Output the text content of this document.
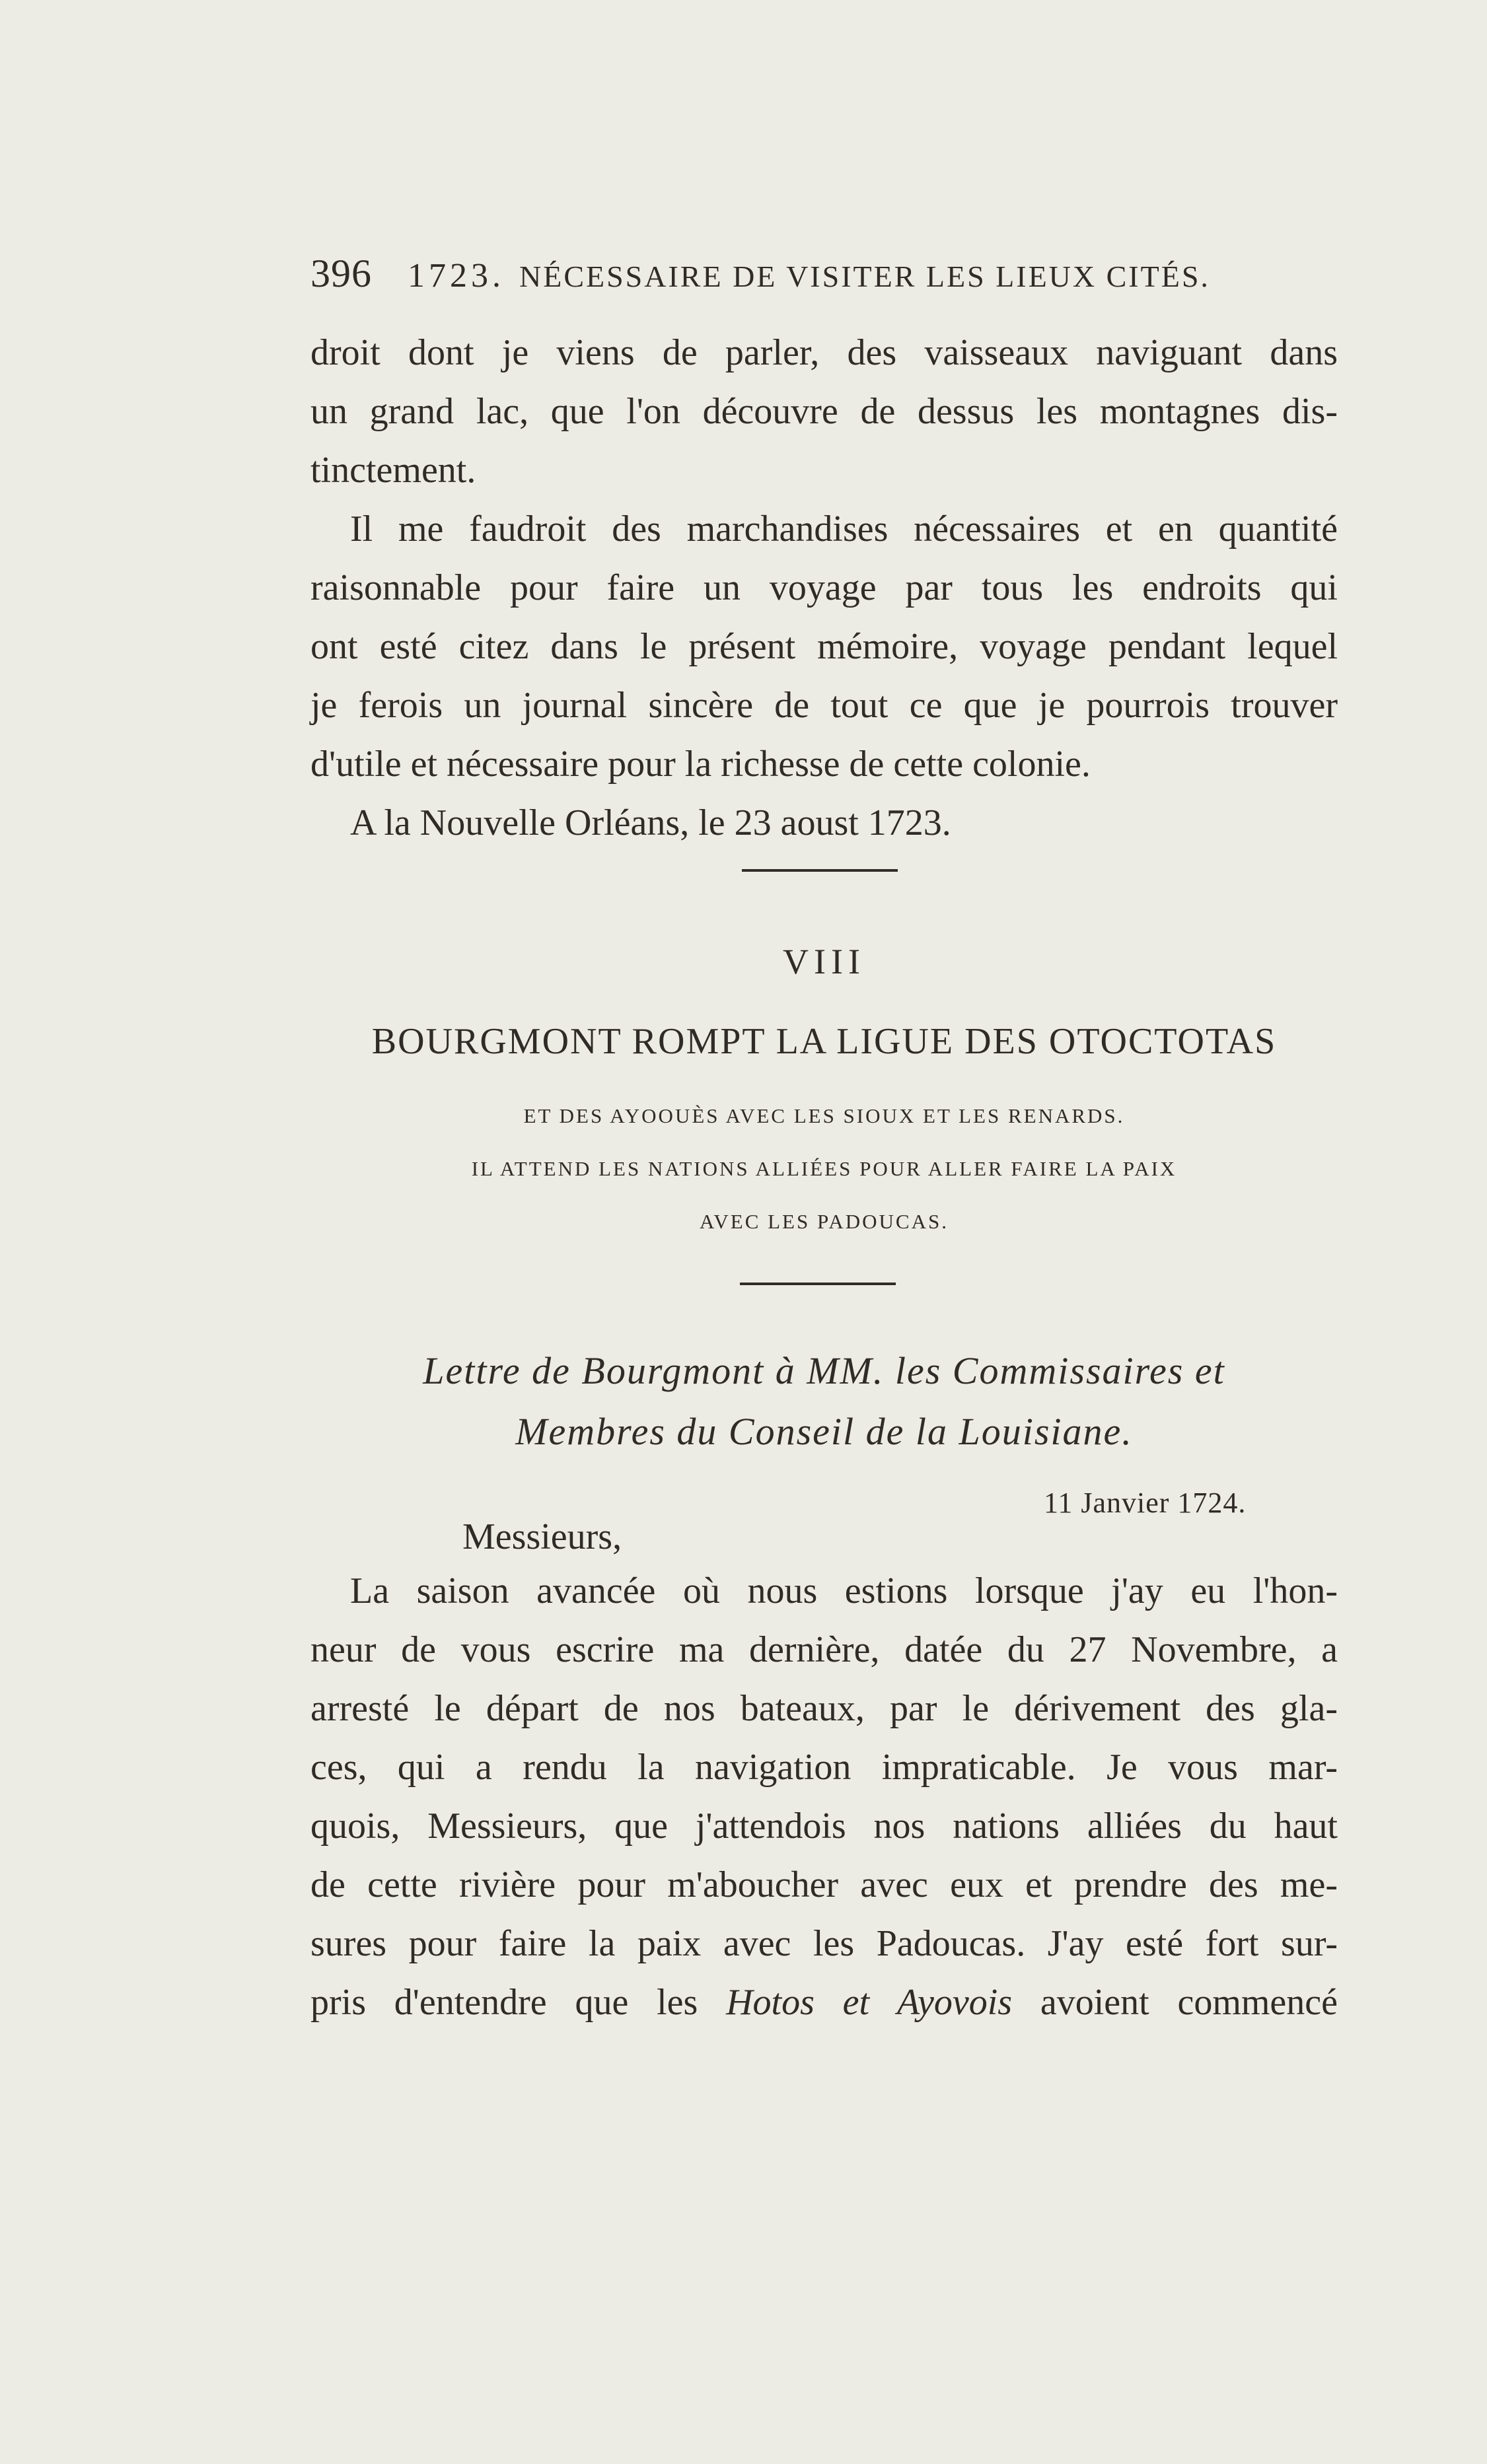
396 1723. NÉCESSAIRE DE VISITER LES LIEUX CITÉS.
droit dont je viens de parler, des vaisseaux naviguant dans
un grand lac, que l'on découvre de dessus les montagnes dis-
tinctement.
Il me faudroit des marchandises nécessaires et en quantité
raisonnable pour faire un voyage par tous les endroits qui
ont esté citez dans le présent mémoire, voyage pendant lequel
je ferois un journal sincère de tout ce que je pourrois trouver
d'utile et nécessaire pour la richesse de cette colonie.
A la Nouvelle Orléans, le 23 aoust 1723.
VIII
BOURGMONT ROMPT LA LIGUE DES OTOCTOTAS
ET DES AYOOUÈS AVEC LES SIOUX ET LES RENARDS.
IL ATTEND LES NATIONS ALLIÉES POUR ALLER FAIRE LA PAIX
AVEC LES PADOUCAS.
Lettre de Bourgmont à MM. les Commissaires et
Membres du Conseil de la Louisiane.
11 Janvier 1724.
Messieurs,
La saison avancée où nous estions lorsque j'ay eu l'hon-
neur de vous escrire ma dernière, datée du 27 Novembre, a
arresté le départ de nos bateaux, par le dérivement des gla-
ces, qui a rendu la navigation impraticable. Je vous mar-
quois, Messieurs, que j'attendois nos nations alliées du haut
de cette rivière pour m'aboucher avec eux et prendre des me-
sures pour faire la paix avec les Padoucas. J'ay esté fort sur-
pris d'entendre que les Hotos et Ayovois avoient commencé
